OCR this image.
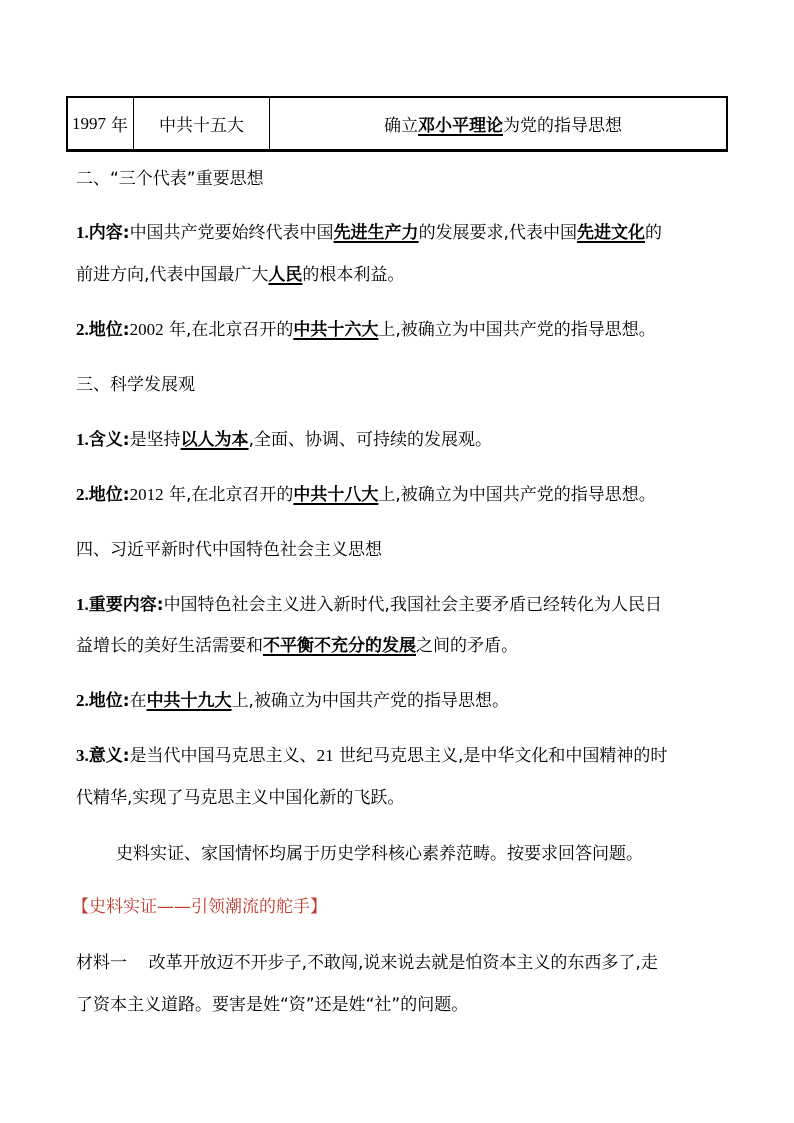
1997 年	中共十五大	确立 邓小平理论 为党的指导思想
二、“三个代表”重要思想
1.内容:中国共产党要始终代表中国先进生产力的发展要求,代表中国先进文化的
前进方向,代表中国最广大人民的根本利益。
2.地位:2002 年,在北京召开的中共十六大上,被确立为中国共产党的指导思想。
三、科学发展观
1.含义:是坚持以人为本,全面、协调、可持续的发展观。
2.地位:2012 年,在北京召开的中共十八大上,被确立为中国共产党的指导思想。
四、习近平新时代中国特色社会主义思想
1.重要内容:中国特色社会主义进入新时代,我国社会主要矛盾已经转化为人民日
益增长的美好生活需要和不平衡不充分的发展之间的矛盾。
2.地位:在中共十九大上,被确立为中国共产党的指导思想。
3.意义:是当代中国马克思主义、21 世纪马克思主义,是中华文化和中国精神的时
代精华,实现了马克思主义中国化新的飞跃。
史料实证、家国情怀均属于历史学科核心素养范畴。按要求回答问题。
【史料实证——引领潮流的舵手】
材料一 改革开放迈不开步子,不敢闯,说来说去就是怕资本主义的东西多了,走
了资本主义道路。要害是姓“资”还是姓“社”的问题。
